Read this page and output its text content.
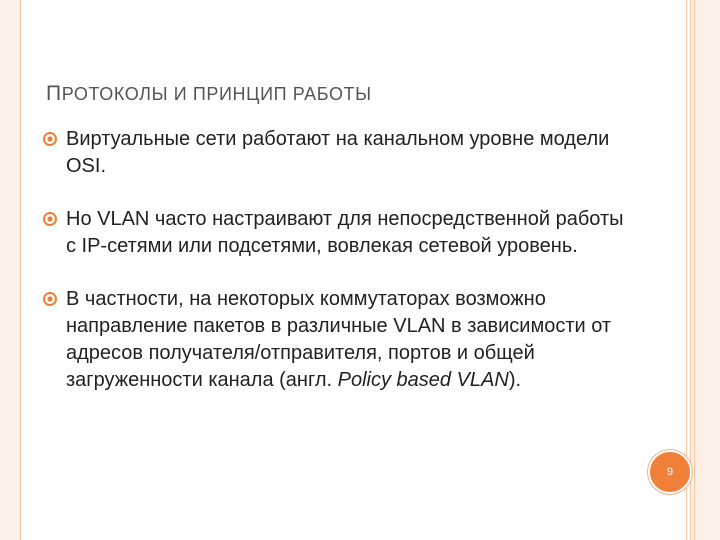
ПРОТОКОЛЫ И ПРИНЦИП РАБОТЫ
Виртуальные сети работают на канальном уровне модели OSI.
Но VLAN часто настраивают для непосредственной работы с IP-сетями или подсетями, вовлекая сетевой уровень.
В частности, на некоторых коммутаторах возможно направление пакетов в различные VLAN в зависимости от адресов получателя/отправителя, портов и общей загруженности канала (англ. Policy based VLAN).
9
